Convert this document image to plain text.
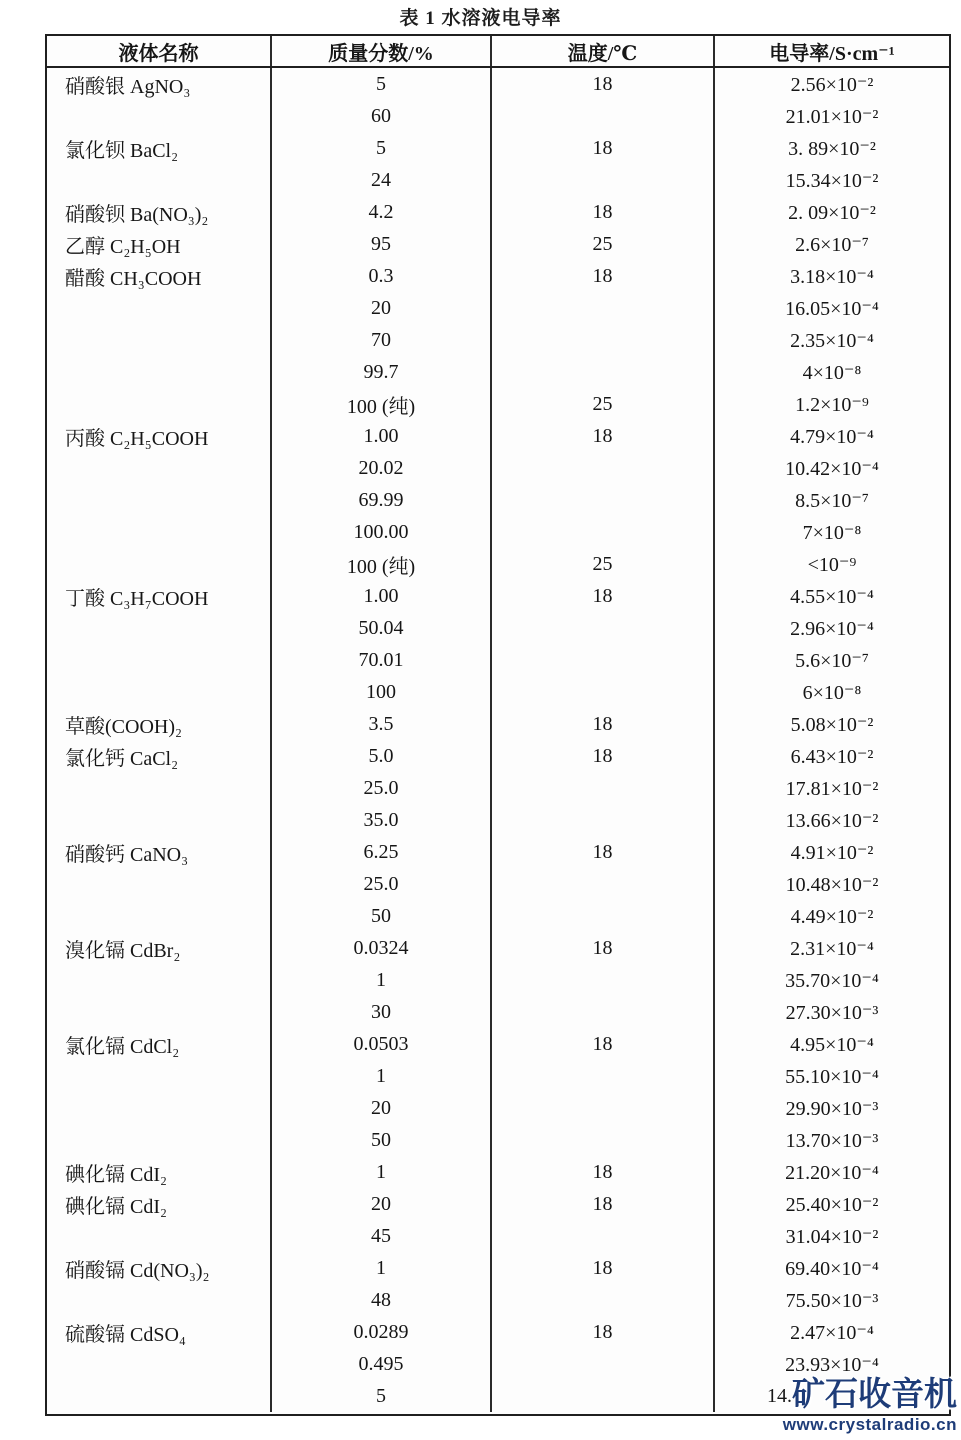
表 1 水溶液电导率
液体名称	质量分数/%	温度/℃	电导率/S·cm⁻¹
硝酸银 AgNO₃	5	18	2.56×10⁻²
60	21.01×10⁻²
氯化钡 BaCl₂	5	18	3. 89×10⁻²
24	15.34×10⁻²
硝酸钡 Ba(NO₃)₂	4.2	18	2. 09×10⁻²
乙醇 C₂H₅OH	95	25	2.6×10⁻⁷
醋酸 CH₃COOH	0.3	18	3.18×10⁻⁴
20	16.05×10⁻⁴
70	2.35×10⁻⁴
99.7	4×10⁻⁸
100 (纯)	25	1.2×10⁻⁹
丙酸 C₂H₅COOH	1.00	18	4.79×10⁻⁴
20.02	10.42×10⁻⁴
69.99	8.5×10⁻⁷
100.00	7×10⁻⁸
100 (纯)	25	<10⁻⁹
丁酸 C₃H₇COOH	1.00	18	4.55×10⁻⁴
50.04	2.96×10⁻⁴
70.01	5.6×10⁻⁷
100	6×10⁻⁸
草酸(COOH)₂	3.5	18	5.08×10⁻²
氯化钙 CaCl₂	5.0	18	6.43×10⁻²
25.0	17.81×10⁻²
35.0	13.66×10⁻²
硝酸钙 CaNO₃	6.25	18	4.91×10⁻²
25.0	10.48×10⁻²
50	4.49×10⁻²
溴化镉 CdBr₂	0.0324	18	2.31×10⁻⁴
1	35.70×10⁻⁴
30	27.30×10⁻³
氯化镉 CdCl₂	0.0503	18	4.95×10⁻⁴
1	55.10×10⁻⁴
20	29.90×10⁻³
50	13.70×10⁻³
碘化镉 CdI₂	1	18	21.20×10⁻⁴
碘化镉 CdI₂	20	18	25.40×10⁻²
45	31.04×10⁻²
硝酸镉 Cd(NO₃)₂	1	18	69.40×10⁻⁴
48	75.50×10⁻³
硫酸镉 CdSO₄	0.0289	18	2.47×10⁻⁴
0.495	23.93×10⁻⁴
5	14. 矿石收音机
www.crystalradio.cn
